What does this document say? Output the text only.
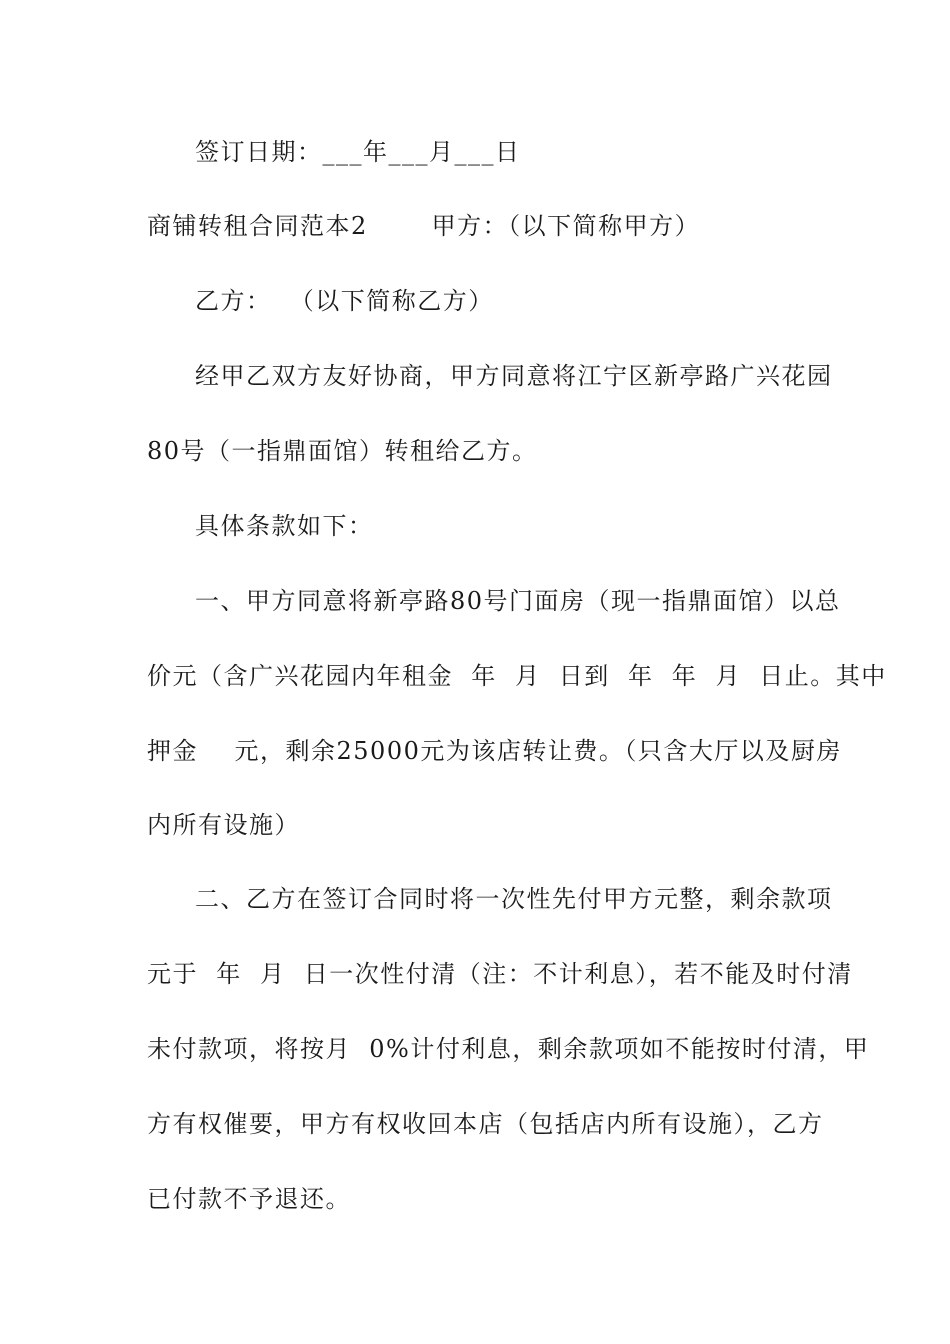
签订日期：___年___月___日
商铺转租合同范本2       甲方：（以下简称甲方）
乙方：  （以下简称乙方）
经甲乙双方友好协商，甲方同意将江宁区新亭路广兴花园
80号（一指鼎面馆）转租给乙方。
具体条款如下：
一、甲方同意将新亭路80号门面房（现一指鼎面馆）以总
价元（含广兴花园内年租金  年  月  日到  年  年  月  日止。其中
押金    元，剩余25000元为该店转让费。（只含大厅以及厨房
内所有设施）
二、乙方在签订合同时将一次性先付甲方元整，剩余款项
元于  年  月  日一次性付清（注：不计利息），若不能及时付清
未付款项，将按月  0%计付利息，剩余款项如不能按时付清，甲
方有权催要，甲方有权收回本店（包括店内所有设施），乙方
已付款不予退还。
